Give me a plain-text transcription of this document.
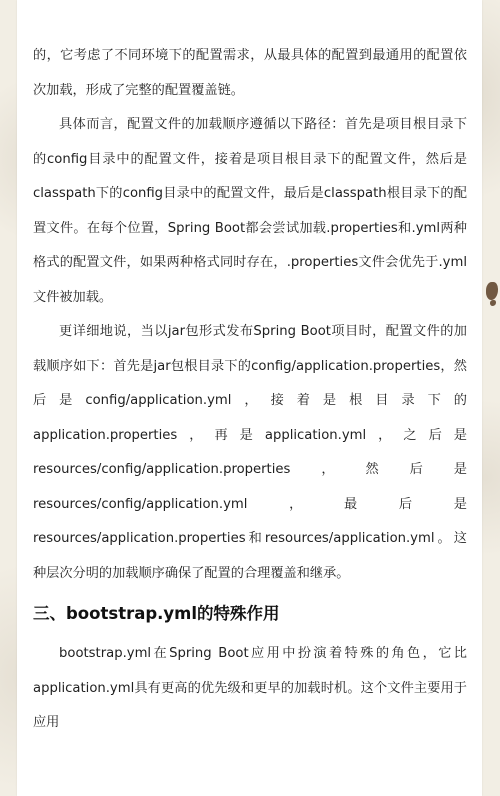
的，它考虑了不同环境下的配置需求，从最具体的配置到最通用的配置依次加载，形成了完整的配置覆盖链。

具体而言，配置文件的加载顺序遵循以下路径：首先是项目根目录下的config目录中的配置文件，接着是项目根目录下的配置文件，然后是classpath下的config目录中的配置文件，最后是classpath根目录下的配置文件。在每个位置，Spring Boot都会尝试加载.properties和.yml两种格式的配置文件，如果两种格式同时存在，.properties文件会优先于.yml文件被加载。

更详细地说，当以jar包形式发布Spring Boot项目时，配置文件的加载顺序如下：首先是jar包根目录下的config/application.properties，然后是config/application.yml，接着是根目录下的application.properties，再是application.yml，之后是resources/config/application.properties，然后是resources/config/application.yml，最后是resources/application.properties和resources/application.yml。这种层次分明的加载顺序确保了配置的合理覆盖和继承。

三、bootstrap.yml的特殊作用

bootstrap.yml在Spring Boot应用中扮演着特殊的角色，它比application.yml具有更高的优先级和更早的加载时机。这个文件主要用于应用
